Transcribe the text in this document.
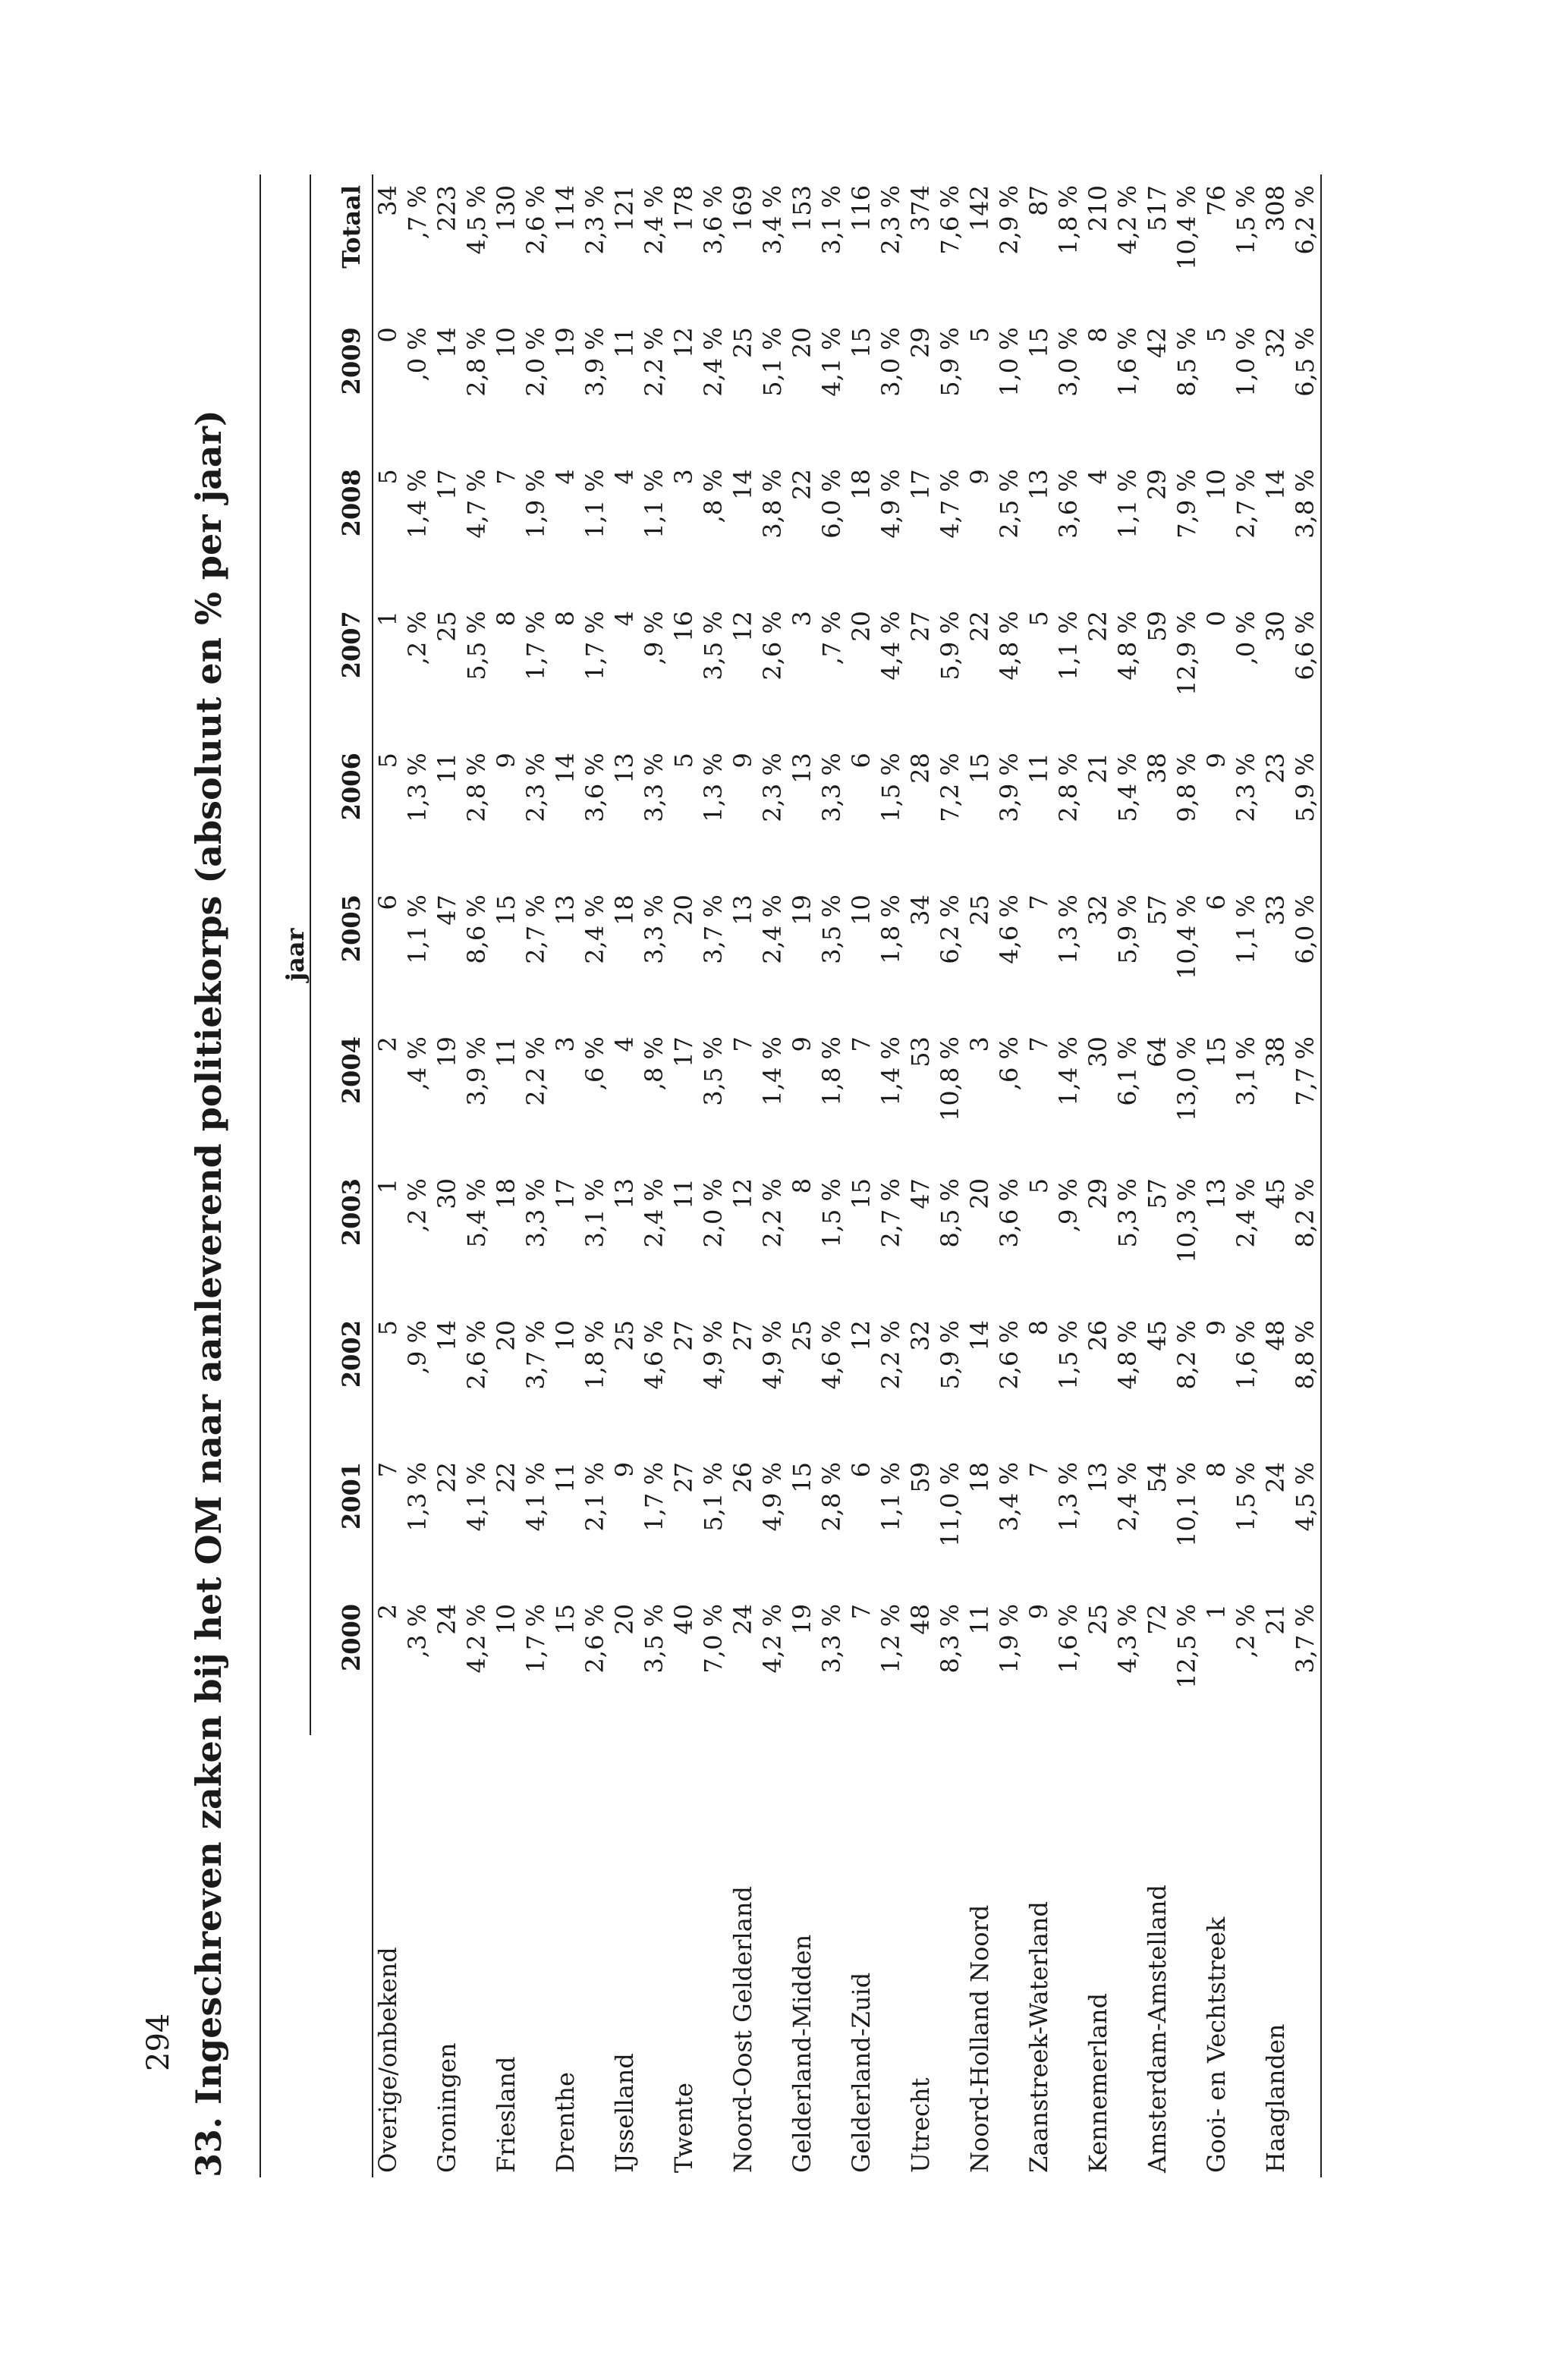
294 33. Ingeschreven zaken bij het OM naar aanleverend politiekorps (absoluut en % per jaar)
		jaar										
	2000	2001	2002	2003	2004	2005	2006	2007	2008	2009	Totaal
Overige/onbekend	2	7	5	1	2	6	5	1	5	0	34
	,3 %	1,3 %	,9 %	,2 %	,4 %	1,1 %	1,3 %	,2 %	1,4 %	,0 %	,7 %
Groningen	24	22	14	30	19	47	11	25	17	14	223
	4,2 %	4,1 %	2,6 %	5,4 %	3,9 %	8,6 %	2,8 %	5,5 %	4,7 %	2,8 %	4,5 %
Friesland	10	22	20	18	11	15	9	8	7	10	130
	1,7 %	4,1 %	3,7 %	3,3 %	2,2 %	2,7 %	2,3 %	1,7 %	1,9 %	2,0 %	2,6 %
Drenthe	15	11	10	17	3	13	14	8	4	19	114
	2,6 %	2,1 %	1,8 %	3,1 %	,6 %	2,4 %	3,6 %	1,7 %	1,1 %	3,9 %	2,3 %
IJsselland	20	9	25	13	4	18	13	4	4	11	121
	3,5 %	1,7 %	4,6 %	2,4 %	,8 %	3,3 %	3,3 %	,9 %	1,1 %	2,2 %	2,4 %
Twente	40	27	27	11	17	20	5	16	3	12	178
	7,0 %	5,1 %	4,9 %	2,0 %	3,5 %	3,7 %	1,3 %	3,5 %	,8 %	2,4 %	3,6 %
Noord-Oost Gelderland	24	26	27	12	7	13	9	12	14	25	169
	4,2 %	4,9 %	4,9 %	2,2 %	1,4 %	2,4 %	2,3 %	2,6 %	3,8 %	5,1 %	3,4 %
Gelderland-Midden	19	15	25	8	9	19	13	3	22	20	153
	3,3 %	2,8 %	4,6 %	1,5 %	1,8 %	3,5 %	3,3 %	,7 %	6,0 %	4,1 %	3,1 %
Gelderland-Zuid	7	6	12	15	7	10	6	20	18	15	116
	1,2 %	1,1 %	2,2 %	2,7 %	1,4 %	1,8 %	1,5 %	4,4 %	4,9 %	3,0 %	2,3 %
Utrecht	48	59	32	47	53	34	28	27	17	29	374
	8,3 %	11,0 %	5,9 %	8,5 %	10,8 %	6,2 %	7,2 %	5,9 %	4,7 %	5,9 %	7,6 %
Noord-Holland Noord	11	18	14	20	3	25	15	22	9	5	142
	1,9 %	3,4 %	2,6 %	3,6 %	,6 %	4,6 %	3,9 %	4,8 %	2,5 %	1,0 %	2,9 %
Zaanstreek-Waterland	9	7	8	5	7	7	11	5	13	15	87
	1,6 %	1,3 %	1,5 %	,9 %	1,4 %	1,3 %	2,8 %	1,1 %	3,6 %	3,0 %	1,8 %
Kennemerland	25	13	26	29	30	32	21	22	4	8	210
	4,3 %	2,4 %	4,8 %	5,3 %	6,1 %	5,9 %	5,4 %	4,8 %	1,1 %	1,6 %	4,2 %
Amsterdam-Amstelland	72	54	45	57	64	57	38	59	29	42	517
	12,5 %	10,1 %	8,2 %	10,3 %	13,0 %	10,4 %	9,8 %	12,9 %	7,9 %	8,5 %	10,4 %
Gooi- en Vechtstreek	1	8	9	13	15	6	9	0	10	5	76
	,2 %	1,5 %	1,6 %	2,4 %	3,1 %	1,1 %	2,3 %	,0 %	2,7 %	1,0 %	1,5 %
Haaglanden	21	24	48	45	38	33	23	30	14	32	308
	3,7 %	4,5 %	8,8 %	8,2 %	7,7 %	6,0 %	5,9 %	6,6 %	3,8 %	6,5 %	6,2 %
